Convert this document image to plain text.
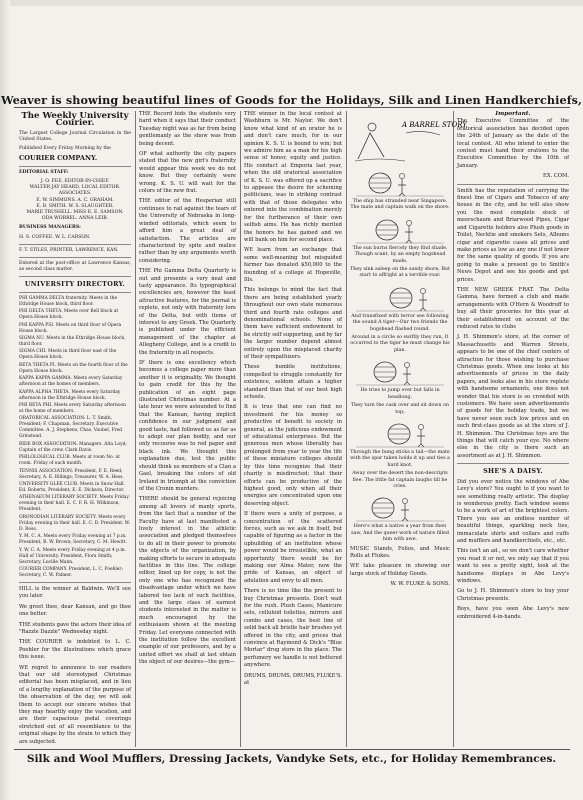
Weaver is showing beautiful lines of Goods for the Holidays, Silk and Linen Handkerchiefs,
The Weekly University Courier.

The Largest College Journal Circulation in the United States.

Published Every Friday Morning by the

COURIER COMPANY.

EDITORIAL STAFF:

J. O. FEE, EDITOR-IN-CHIEF.
WALTER JAY HEARD, LOCAL EDITOR.
ASSOCIATES.
E. W. SIMMONS. A. C. GRAHAM.
E. B. SMITH. W. S. SLAUGHTER.
MARIE TRUSSELL. MISS E. E. SAMSON.
ODA WORREL. ANNA LEIB.

BUSINESS MANAGERS:

H. S. COFFEE. W. L. CARSON.

F. T. STILES, PRINTER, LAWRENCE, KAN.

Entered at the post-office at Lawrence Kansas, as second class matter.

UNIVERSITY DIRECTORY.
PHI GAMMA DELTA fraternity. Meets in the Ethridge House block, third floor.
PHI DELTA THETA. Meets over Bell block at Opera House block.
PHI KAPPA PSI. Meets on third floor of Opera House block.
SIGMA NU. Meets in the Ethridge House block, third floor.
SIGMA CHI. Meets in third floor east of the Opera House block.
BETA THETA PI. Meets on the fourth floor of the Opera House block.
KAPPA KAPPA GAMMA. Meets every Saturday afternoon at the homes of members.
KAPPA ALPHA THETA. Meets every Saturday afternoon in the Ethridge House block.
PHI BETA PHI. Meets every Saturday afternoon at the home of members.
ORATORICAL ASSOCIATION: L. T. Smith, President; F. Chapman, Secretary. Executive Committee. A. J. Stephens, Chas. Vaubel, Fred Grinstead.
RIDE BOX ASSOCIATION: Managers. Alta Loyd; Captain of the crew, Clark Davis.
PHILOLOGICAL CLUB. Meets at room No. at room. Friday of each month.
TENNIS ASSOCIATION: President, F. E. Reed; Secretary, A. E. Billings; Treasurer, W. A. Hess.
UNIVERSITY GLEE CLUB. Meets in Snow Hall. Ed. Roberts, President; E. E. Dickson, Director.
ATHENAEUM LITERARY SOCIETY. Meets Friday evening in their hall. E. C. F. R. H. Wilkinson, President.
ORONODIAN LITERARY SOCIETY. Meets every Friday evening in their hall. E. C. D. President. W. D. Ross.
Y. M. C. A. Meets every Friday evening at 7 p.m. President, B. W. Brown; Secretary, C. M. Hewitt.
Y. W. C. A. Meets every Friday evening at 4 p.m. Hall of University. President, Flora Smith; Secretary, Lucille Mann.
COURIER COMPANY. President, L. C. Poehler; Secretary, C. W. Palmer.

HILL is the winner at Baldwin. We'll see you later.

We greet thee, dear Kansan, and go thee one better.

THE students gave the actors their idea of "Razzle Dazzle" Wednesday night.

THE COURIER is indebted to L. C. Poehler for the illustrations which grace this issue.

WE regret to announce to our readers that our old stereotyped Christmas editorial has been misplaced, and in lieu of a lengthy explanation of the purpose of the observation of the day, we will ask them to accept our sincere wishes that they may heartily enjoy the vacation, and are their capacious pedal coverings stretched out of all resemblance to the original shape by the strain to which they are subjected.

THE Record bids the students very hard when it says that their conduct Tuesday night was as far from being gentlemanly as the show was from being decent.

OF what authority the city papers stated that the new girl's fraternity would appear this week we do not know. But they certainly were wrong. K. S. U. will wait for the colors of the new frat.

THE editor of the Hesperian still continues to rail against the tears of the University of Nebraska in long-winded editorials, which seem to afford him a great deal of satisfaction. The articles are characterized by spite and malice rather than by any arguments worth considering.

THE Phi Gamma Delta Quarterly is out and presents a very neat and tasty appearance. Its typographical excellencies are, however the least attractive features, for the journal is replete, not only with fraternity lore of the Delta, but with items of interest to any Greek. The Quarterly is published under the efficient management of the chapter at Allegheny College, and is a credit to the fraternity in all respects.

IF there is one excellency which becomes a college paper more than another it is originality. We thought to gain credit for this by the publication of an eight page illustrated Christmas number. At a late hour we were astounded to find that the Kansan, having implicit confidence in our judgment and good taste, had followed us as far as to adopt our plan bodily, and our only recourse was to red paper and black ink. We thought this explanation due, lest the public should think us members of a Clan a Gael, breaking the colors of old Ireland in triumph at the conviction of the Cronin murders.

THERE should be general rejoicing among all lovers of manly sports, from the fact that a number of the Faculty have at last manifested a lively interest in the athletic association and pledged themselves to do all in their power to promote the objects of the organization, by making efforts to secure in adequate facilities in this line. The college editor, lined up for copy, is not the only one who has recognized the disadvantage under which we have labored too lack of such facilities, and the large class of earnest students interested in the matter is much encouraged by the enthusiasm shown at the meeting Friday. Let everyone connected with the institution follow the excellent example of our professors, and by a united effort we shall at last obtain the object of our desires—the gym—

THE winner in the local contest at Washburn is Mr. Naylor. We don't know what kind of an orator he is and don't care much, for in our opinion K. S. U. is bound to win; but we admire him as a man for his high sense of honor, equity and justice. His conduct at Emporia last year, when the old oratorical association of K. S. U. was offered up a sacrifice to appease the desire for scheming politicians, was in striking contrast with that of those delegates who entered into the combination merely for the furtherance of their own selfish aims. He has richly merited the honors he has gained and we will bank on him for second place.

WE learn from an exchange that some well-meaning but misguided farmer has donated $50,000 to the founding of a college at Hopeville, Ills.

This belongs to mind the fact that there are being established yearly throughout our own state numerous third and fourth rate colleges and denominational schools. None of them have sufficient endowment to be strictly self supporting, and by far the larger number depend almost entirely upon the misplaced charity of their sympathizers.

These humble institutions, compelled to struggle constantly for existence, seldom attain a higher standard than that of our best high schools.

It is true that one can find no investment for his money so productive of benefit to society in general, as the judicious endowment of educational enterprises. But the generous men whose liberality has prolonged from year to year the life of these miniature colleges should by this time recognize that their charity is misdirected; that their efforts can be productive of the highest good, only when all their energies are concentrated upon one deserving object.

If there were a unity of purpose, a concentration of the scattered forces, such as we ask in itself, but capable of figuring as a factor in the upbuilding of an institution whose power would be irresistible, what an opportunity there would be for making our Alma Mater, now the pride of Kansas, an object of adulation and envy to all men.

There is no time like the present to buy Christmas presents. Don't wait for the rush. Plush Cases, Manicure sets, celluloid toilettes, mirrors and combs and cases, the best line of solid back all bristle hair brushes yet offered in the city, and prices that convince at Raymond & Dick's "Blue Mortar" drug store in the place. The perfumery we handle is not bettered anywhere.

DRUMS, DRUMS, DRUMS, at
FLUKE'S.
A BARREL STORY
The ship has stranded near Singapore, The mate and captain walk on the shore.
The sun burns fiercely they find shade, Though scant, by an empty hogshead made,
They sink asleep on the sandy shore, But start to affright at a terrible roar.
And transfixed with terror see following the sound A tiger—Our two friends the hogshead flashed round.
Around in a circle so swiftly they run, It occurred to the tiger he must change his plan.
He tries to jump over but falls in headlong.
They turn the cask over and sit down on top;
Through the bung sticks a tail—the mate with the spar taken holds it up and ties a hard knot.
Away over the desert the non-descripts flee. The little fat captain laughs till he cries.
Here's what a native a year from then saw, And the queer work of nature filled him with awe.

MUSIC Stands, Folios, and Music Rolls at Flukes.

WE take pleasure in showing our large stock of Holiday Goods.

W. W. FLUKE & SONS.
Important.

The Executive Committee of the oratorical association has decided upon the 24th of January as the date of the local contest. All who intend to enter the contest must hand their orations to the Executive Committee by the 10th of January.

EX. COM.

Smith has the reputation of carrying the finest line of Cigars and Tobacco of any house in the city, and he will also show you the most complete stock of meerschaum and Briarwood Pipes, Cigar and Cigarette holders also Plush goods in Toilet, Necktie and smokers Sets, Albums cigar and cigarette cases all prices and make prices as low as any one if not lower for the same quality of goods. If you are going to make a present go to Smith's News Depot and see his goods and get prices.

THE NEW GREEK FRAT. The Delta Gamma, have formed a club and made arrangements with O'Hern & Woodruff to buy all their groceries for this year at their establishment on account of the reduced rates to clubs

J. H. Shimmon's store, at the corner of Massachusetts and Warren Streets, appears to be one of the chief centers of attraction for those wishing to purchase Christmas goods. When one looks at his advertisements of prices in the daily papers, and looks also in his store replete with handsome ornaments, one does not wonder that his store is so crowded with customers. We have seen advertisements of goods for the holiday trade, but we have never seen such low prices and on such first-class goods as at the store of J. H. Shimmon. The Christmas toys are the things that will catch your eye. No where else in the city is there such an assortment as at J. H. Shimmon.

SHE'S A DAISY.

Did you ever notice the windows of Abe Levy's store? You ought to if you want to see something really artistic. The display is wonderous pretty. Each window seems to be a work of art of the brightest colors. There you see an endless number of beautiful things, sparkling neck ties, immaculate shirts and collars and cuffs and mufflers and handkerchiefs, etc., etc.

This isn't an ad., so we don't care whether you read it or not, we only say that if you want to see a pretty sight, look at the handsome displays in Abe Levy's windows.

Go to J. H. Shimmon's store to buy your Christmas presents.

Boys, have you seen Abe Levy's new embroidered 4-in-hands.

Silk and Wool Mufflers, Dressing Jackets, Vandyke Sets, etc., for Holiday Remembrances.
